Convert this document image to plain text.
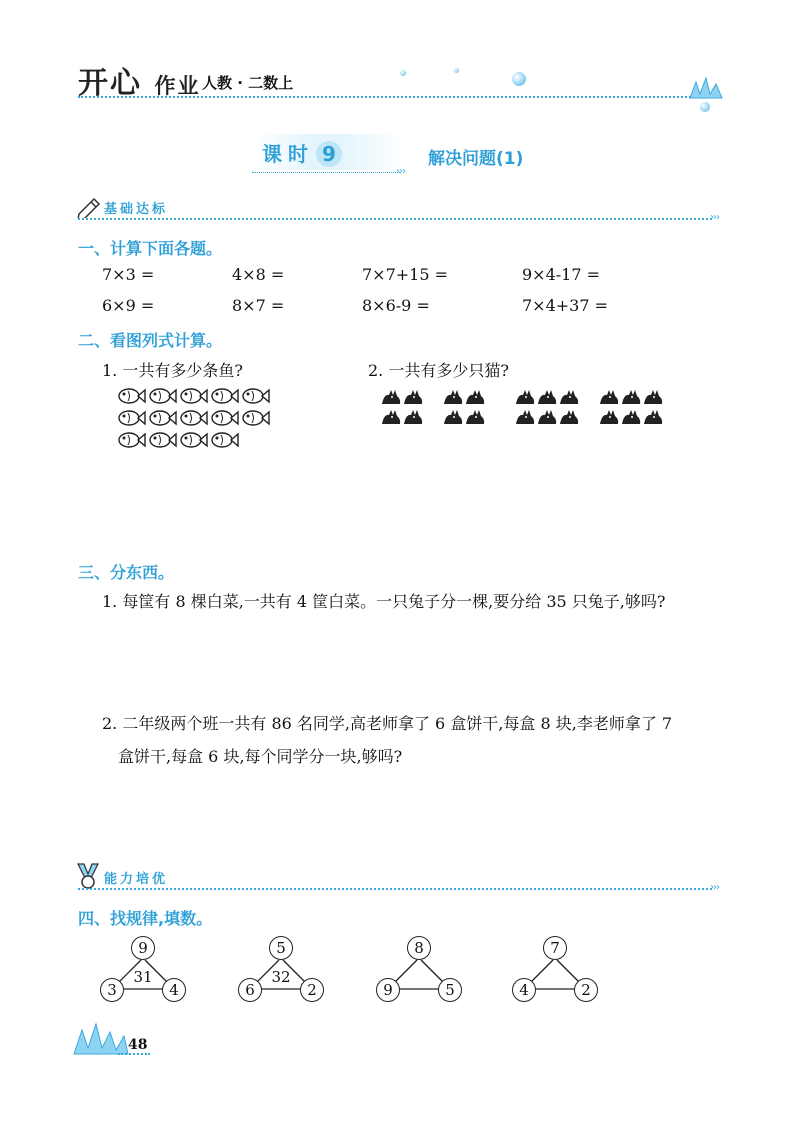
开心 作业 人教 · 二数上
课时 9
›››
解决问题(1)
基础达标
›››
一、计算下面各题。
7×3 =	4×8 =	7×7+15 =	9×4-17 =
6×9 =	8×7 =	8×6-9 =	7×4+37 =
二、看图列式计算。
1. 一共有多少条鱼?	2. 一共有多少只猫?
三、分东西。
1. 每筐有 8 棵白菜,一共有 4 筐白菜。一只兔子分一棵,要分给 35 只兔子,够吗?
2. 二年级两个班一共有 86 名同学,高老师拿了 6 盒饼干,每盒 8 块,李老师拿了 7
盒饼干,每盒 6 块,每个同学分一块,够吗?
能力培优
›››
四、找规律,填数。
9
3	4
31
5
6	2
32
8
9	5
7
4	2
48
